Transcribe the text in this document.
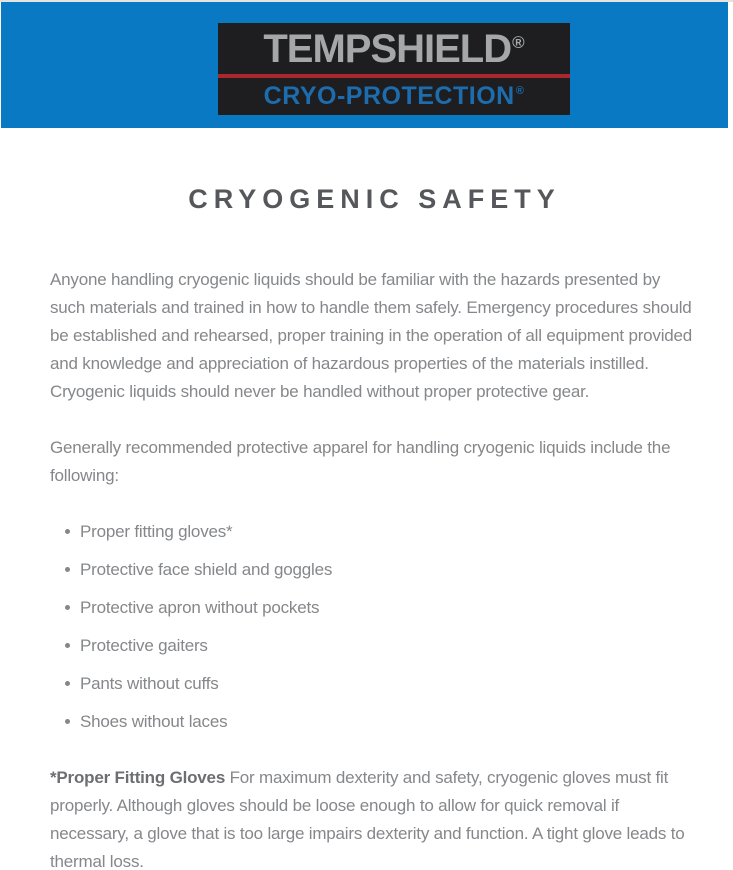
TEMPSHIELD®
CRYO-PROTECTION®
CRYOGENIC SAFETY

Anyone handling cryogenic liquids should be familiar with the hazards presented by such materials and trained in how to handle them safely. Emergency procedures should be established and rehearsed, proper training in the operation of all equipment provided and knowledge and appreciation of hazardous properties of the materials instilled. Cryogenic liquids should never be handled without proper protective gear.

Generally recommended protective apparel for handling cryogenic liquids include the following:

Proper fitting gloves*
Protective face shield and goggles
Protective apron without pockets
Protective gaiters
Pants without cuffs
Shoes without laces

*Proper Fitting Gloves For maximum dexterity and safety, cryogenic gloves must fit properly. Although gloves should be loose enough to allow for quick removal if necessary, a glove that is too large impairs dexterity and function. A tight glove leads to thermal loss.
